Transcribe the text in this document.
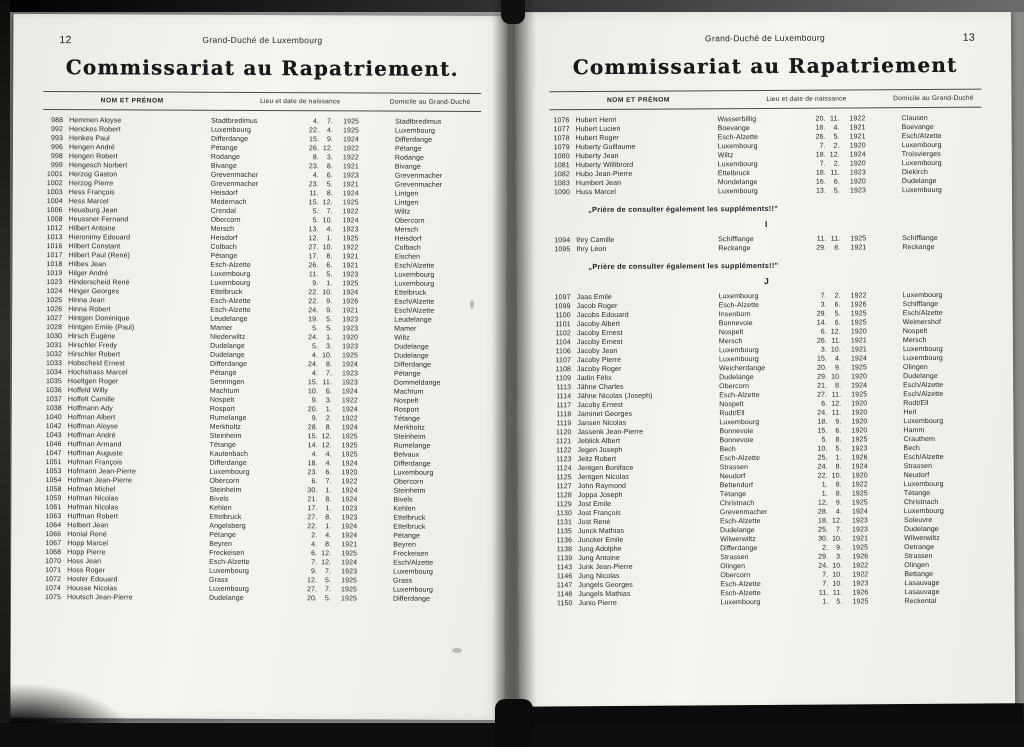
12	Grand-Duché de Luxembourg
Commissariat au Rapatriement.
NOM ET PRÉNOM	Lieu et date de naissance	Domicile au Grand-Duché
988 Hemmen Aloyse	Stadtbredimus	4.	7.	1925	Stadtbredimus
992 Henckes Robert	Luxembourg	22.	4.	1925	Luxembourg
993 Henkes Paul	Differdange	15.	9.	1924	Differdange
996 Hengen André	Pétange	26. 12.	1922	Pétange
998 Hengen Robert	Rodange	8.	3.	1922	Rodange
999 Hengesch Norbert	Bivange	23.	8.	1921	Bivange
1001 Herzog Gaston	Grevenmacher	4.	6.	1923	Grevenmacher
1002 Herzog Pierre	Grevenmacher	23.	5.	1921	Grevenmacher
1003 Hess François	Heisdorf	11.	8.	1924	Lintgen
1004 Hess Marcel	Medernach	15. 12.	1925	Lintgen
1006 Heusburg Jean	Crendal	5.	7.	1922	Wiltz
1008 Heussner Fernand	Obercorn	5. 10.	1924	Obercorn
1012 Hilbert Antoine	Mersch	13.	4.	1923	Mersch
1013 Hieronimy Edouard	Heisdorf	12.	1.	1925	Heisdorf
1016 Hilbert Constant	Colbach	27. 10.	1922	Colbach
1017 Hilbert Paul (René)	Pétange	17.	8.	1921	Eischen
1018 Hilbes Jean	Esch-Alzette	26.	6.	1921	Esch/Alzette
1019 Hilger André	Luxembourg	11.	5.	1923	Luxembourg
1023 Hinderscheid René	Luxembourg	9.	1.	1925	Luxembourg
1024 Hinger Georges	Ettelbruck	22. 10.	1924	Ettelbruck
1025 Hinna Jean	Esch-Alzette	22.	9.	1926	Esch/Alzette
1026 Hinna Robert	Esch-Alzette	24.	9.	1921	Esch/Alzette
1027 Hintgen Dominique	Leudelange	19.	5.	1923	Leudelange
1028 Hintgen Emile (Paul)	Mamer	5.	5.	1923	Mamer
1030 Hirsch Eugène	Niederwiltz	24.	1.	1920	Wiltz
1031 Hirschler Fredy	Dudelange	5.	3.	1923	Dudelange
1032 Hirschler Robert	Dudelange	4. 10.	1925	Dudelange
1033 Hobscheid Ernest	Differdange	24.	8.	1924	Differdange
1034 Hochstrass Marcel	Pétange	4.	7.	1923	Pétange
1035 Hoeltgen Roger	Senningen	15. 11.	1923	Dommeldange
1036 Hoffeld Willy	Machtum	10.	6.	1924	Machtum
1037 Hoffelt Camille	Nospelt	9.	3.	1922	Nospelt
1038 Hoffmann Ady	Rosport	20.	1.	1924	Rosport
1040 Hoffman Albert	Rumelange	9.	2.	1922	Tétange
1042 Hoffman Aloyse	Merkholtz	28.	8.	1924	Merkholtz
1043 Hoffman André	Steinheim	15. 12.	1925	Steinheim
1046 Hoffman Armand	Tétange	14. 12.	1925	Rumelange
1047 Hoffman Auguste	Kautenbach	4.	4.	1925	Belvaux
1051 Hofman François	Differdange	18.	4.	1924	Differdange
1053 Hofmann Jean-Pierre	Luxembourg	23.	6.	1920	Luxembourg
1054 Hofman Jean-Pierre	Obercorn	6.	7.	1922	Obercorn
1058 Hofman Michel	Steinheim	30.	1.	1924	Steinheim
1059 Hofman Nicolas	Bivels	21.	8.	1924	Bivels
1061 Hofman Nicolas	Kehlen	17.	1.	1923	Kehlen
1063 Hoffman Robert	Ettelbruck	27.	8.	1923	Ettelbruck
1064 Holbert Jean	Angelsberg	22.	1.	1924	Ettelbruck
1066 Honial René	Pétange	2.	4.	1924	Pétange
1067 Hopp Marcel	Beyren	4.	8.	1921	Beyren
1068 Hopp Pierre	Freckeisen	6. 12.	1925	Freckeisen
1070 Hoss Jean	Esch-Alzette	7. 12.	1924	Esch/Alzette
1071 Hoss Roger	Luxembourg	9.	7.	1923	Luxembourg
1072 Hoster Edouard	Grass	12.	5.	1925	Grass
1074 Housse Nicolas	Luxembourg	27.	7.	1925	Luxembourg
1075 Houtsch Jean-Pierre	Dudelange	20.	5.	1925	Differdange
Grand-Duché de Luxembourg	13
Commissariat au Rapatriement
NOM ET PRÉNOM	Lieu et date de naissance	Domicile au Grand-Duché
1076 Hubert Henri	Wasserbillig	20. 11.	1922	Clausen
1077 Hubert Lucien	Boevange	18.	4.	1921	Boevange
1078 Hubert Roger	Esch-Alzette	26.	5.	1921	Esch/Alzette
1079 Huberty Guillaume	Luxembourg	7.	2.	1920	Luxembourg
1080 Huberty Jean	Wiltz	18. 12.	1924	Troisvierges
1081 Huberty Willibrord	Luxembourg	7.	2.	1920	Luxembourg
1082 Hubo Jean-Pierre	Ettelbruck	18. 11.	1923	Diekirch
1083 Humbert Jean	Mondelange	16.	6.	1920	Dudelange
1090 Huss Marcel	Luxembourg	13.	5.	1923	Luxembourg
„Prière de consulter également les suppléments!!"
I
1094 Ihry Camille	Schifflange	11. 11.	1925	Schifflange
1095 Ihry Léon	Reckange	29.	8.	1921	Reckange
„Prière de consulter également les suppléments!!"
J
1097 Jaas Emile	Luxembourg	7.	2.	1922	Luxembourg
1099 Jacob Roger	Esch-Alzette	3.	6.	1926	Schifflange
1100 Jacobs Edouard	Insenborn	29.	5.	1925	Esch/Alzette
1101 Jacoby Albert	Bonnevoie	14.	6.	1925	Weimershof
1102 Jacoby Ernest	Nospelt	6. 12.	1920	Nospelt
1104 Jacoby Ernest	Mersch	26. 11.	1921	Mersch
1106 Jacoby Jean	Luxembourg	3. 10.	1921	Luxembourg
1107 Jacoby Pierre	Luxembourg	15.	4.	1924	Luxembourg
1108 Jacoby Roger	Weicherdange	20.	9.	1925	Olingen
1109 Jadin Félix	Dudelange	29. 10.	1920	Dudelange
1113 Jähne Charles	Obercorn	21.	8.	1924	Esch/Alzette
1114 Jähne Nicolas (Joseph)	Esch-Alzette	27. 11.	1925	Esch/Alzette
1117 Jacoby Ernest	Nospelt	6. 12.	1920	Rodt/Ell
1118 Jaminet Georges	Rodt/Ell	24. 11.	1920	Herl
1119 Jansen Nicolas	Luxembourg	18.	9.	1920	Luxembourg
1120 Jassenk Jean-Pierre	Bonnevoie	15.	6.	1920	Hamm
1121 Jeblick Albert	Bonnevoie	5.	8.	1925	Crauthem
1122 Jegen Joseph	Bech	10.	5.	1923	Bech
1123 Jeitz Robert	Esch-Alzette	25.	1.	1926	Esch/Alzette
1124 Jentgen Boniface	Strassen	24.	8.	1924	Strassen
1125 Jentgen Nicolas	Neudorf	22. 10.	1920	Neudorf
1127 John Raymond	Bettendorf	1.	8.	1922	Luxembourg
1128 Joppa Joseph	Tétange	1.	8.	1925	Tétange
1129 Jost Emile	Christnach	12.	9.	1925	Christnach
1130 Jost François	Grevenmacher	28.	4.	1924	Luxembourg
1131 Jost René	Esch-Alzette	18. 12.	1923	Soleuvre
1135 Junck Mathias	Dudelange	25.	7.	1923	Dudelange
1136 Juncker Emile	Wilwerwiltz	30. 10.	1921	Wilwerwiltz
1138 Jung Adolphe	Differdange	2.	9.	1925	Oetrange
1139 Jung Antoine	Strassen	29.	3.	1926	Strassen
1143 Junk Jean-Pierre	Olingen	24. 10.	1922	Olingen
1146 Jung Nicolas	Obercorn	7. 10.	1922	Bettange
1147 Jungels Georges	Esch-Alzette	7. 10.	1923	Lasauvage
1148 Jungels Mathias	Esch-Alzette	11. 11.	1926	Lasauvage
1150 Junio Pierre	Luxembourg	1.	5.	1925	Reckental
